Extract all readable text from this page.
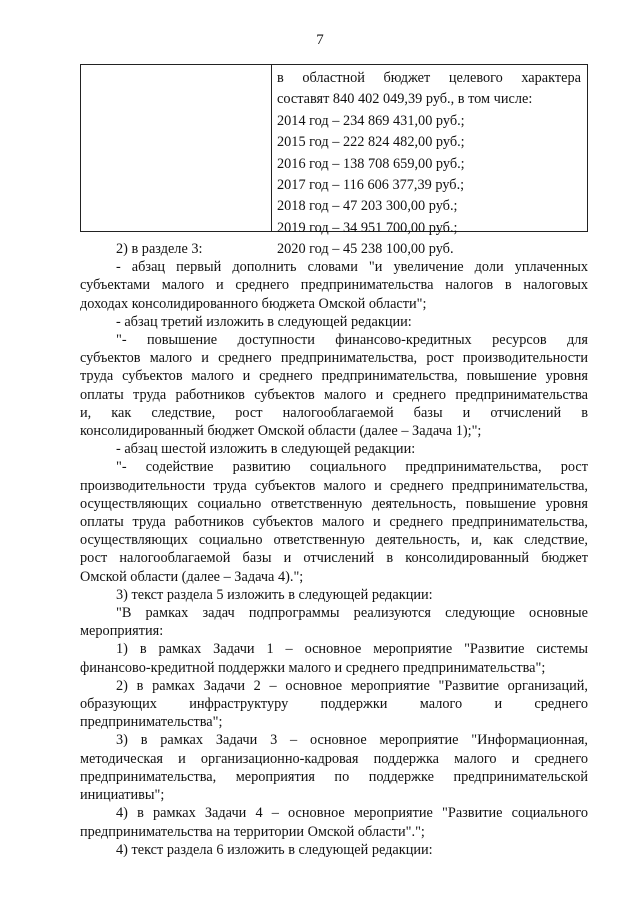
7
в областной бюджет целевого характера
составят 840 402 049,39 руб., в том числе:
2014 год – 234 869 431,00 руб.;
2015 год – 222 824 482,00 руб.;
2016 год – 138 708 659,00 руб.;
2017 год – 116 606 377,39 руб.;
2018 год – 47 203 300,00 руб.;
2019 год – 34 951 700,00 руб.;
2020 год – 45 238 100,00 руб.
2) в разделе 3:
- абзац первый дополнить словами "и увеличение доли уплаченных
субъектами малого и среднего предпринимательства налогов в налоговых
доходах консолидированного бюджета Омской области";
- абзац третий изложить в следующей редакции:
"- повышение доступности финансово-кредитных ресурсов для
субъектов малого и среднего предпринимательства, рост производительности
труда субъектов малого и среднего предпринимательства, повышение уровня
оплаты труда работников субъектов малого и среднего предпринимательства
и, как следствие, рост налогооблагаемой базы и отчислений в
консолидированный бюджет Омской области (далее – Задача 1);";
- абзац шестой изложить в следующей редакции:
"- содействие развитию социального предпринимательства, рост
производительности труда субъектов малого и среднего предпринимательства,
осуществляющих социально ответственную деятельность, повышение уровня
оплаты труда работников субъектов малого и среднего предпринимательства,
осуществляющих социально ответственную деятельность, и, как следствие,
рост налогооблагаемой базы и отчислений в консолидированный бюджет
Омской области (далее – Задача 4).";
3) текст раздела 5 изложить в следующей редакции:
"В рамках задач подпрограммы реализуются следующие основные
мероприятия:
1) в рамках Задачи 1 – основное мероприятие "Развитие системы
финансово-кредитной поддержки малого и среднего предпринимательства";
2) в рамках Задачи 2 – основное мероприятие "Развитие организаций,
образующих инфраструктуру поддержки малого и среднего
предпринимательства";
3) в рамках Задачи 3 – основное мероприятие "Информационная,
методическая и организационно-кадровая поддержка малого и среднего
предпринимательства, мероприятия по поддержке предпринимательской
инициативы";
4) в рамках Задачи 4 – основное мероприятие "Развитие социального
предпринимательства на территории Омской области".";
4) текст раздела 6 изложить в следующей редакции:
